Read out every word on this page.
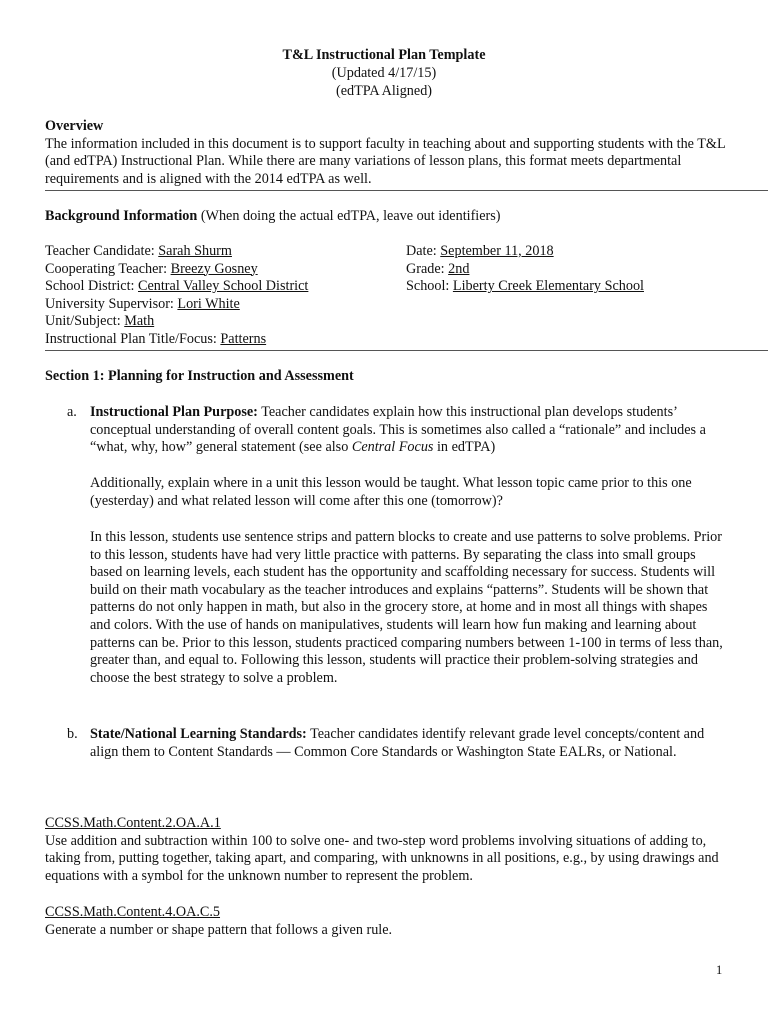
T&L Instructional Plan Template
(Updated 4/17/15)
(edTPA Aligned)
Overview

The information included in this document is to support faculty in teaching about and supporting students with the T&L (and edTPA) Instructional Plan. While there are many variations of lesson plans, this format meets departmental requirements and is aligned with the 2014 edTPA as well.

Background Information (When doing the actual edTPA, leave out identifiers)
Teacher Candidate: Sarah Shurm
Cooperating Teacher: Breezy Gosney
School District: Central Valley School District
University Supervisor: Lori White
Unit/Subject: Math
Instructional Plan Title/Focus: Patterns
Date: September 11, 2018
Grade: 2nd
School: Liberty Creek Elementary School
Section 1: Planning for Instruction and Assessment
a. Instructional Plan Purpose: Teacher candidates explain how this instructional plan develops students’ conceptual understanding of overall content goals. This is sometimes also called a “rationale” and includes a “what, why, how” general statement (see also Central Focus in edTPA)

Additionally, explain where in a unit this lesson would be taught. What lesson topic came prior to this one (yesterday) and what related lesson will come after this one (tomorrow)?
In this lesson, students use sentence strips and pattern blocks to create and use patterns to solve problems. Prior to this lesson, students have had very little practice with patterns. By separating the class into small groups based on learning levels, each student has the opportunity and scaffolding necessary for success. Students will build on their math vocabulary as the teacher introduces and explains “patterns”. Students will be shown that patterns do not only happen in math, but also in the grocery store, at home and in most all things with shapes and colors. With the use of hands on manipulatives, students will learn how fun making and learning about patterns can be. Prior to this lesson, students practiced comparing numbers between 1-100 in terms of less than, greater than, and equal to. Following this lesson, students will practice their problem-solving strategies and choose the best strategy to solve a problem.
b. State/National Learning Standards: Teacher candidates identify relevant grade level concepts/content and align them to Content Standards — Common Core Standards or Washington State EALRs, or National.

CCSS.Math.Content.2.OA.A.1

Use addition and subtraction within 100 to solve one- and two-step word problems involving situations of adding to, taking from, putting together, taking apart, and comparing, with unknowns in all positions, e.g., by using drawings and equations with a symbol for the unknown number to represent the problem.

CCSS.Math.Content.4.OA.C.5

Generate a number or shape pattern that follows a given rule.

1
